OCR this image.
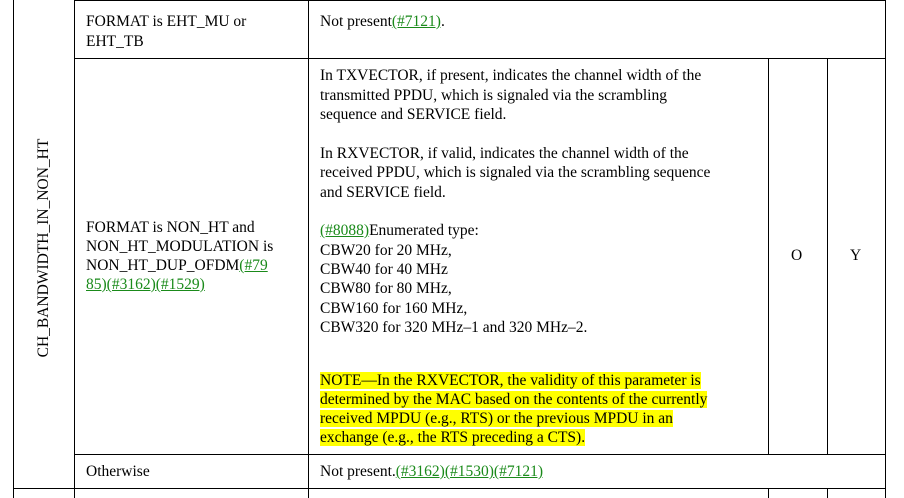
CH_BANDWIDTH_IN_NON_HT
FORMAT is EHT_MU or
EHT_TB
Not present(#7121).
FORMAT is NON_HT and
NON_HT_MODULATION is
NON_HT_DUP_OFDM(#79
85)(#3162)(#1529)
In TXVECTOR, if present, indicates the channel width of the
transmitted PPDU, which is signaled via the scrambling
sequence and SERVICE field.
In RXVECTOR, if valid, indicates the channel width of the
received PPDU, which is signaled via the scrambling sequence
and SERVICE field.
(#8088)Enumerated type:
CBW20 for 20 MHz,
CBW40 for 40 MHz
CBW80 for 80 MHz,
CBW160 for 160 MHz,
CBW320 for 320 MHz–1 and 320 MHz–2.
NOTE—In the RXVECTOR, the validity of this parameter is
determined by the MAC based on the contents of the currently
received MPDU (e.g., RTS) or the previous MPDU in an
exchange (e.g., the RTS preceding a CTS).
O	Y
Otherwise	Not present.(#3162)(#1530)(#7121)
